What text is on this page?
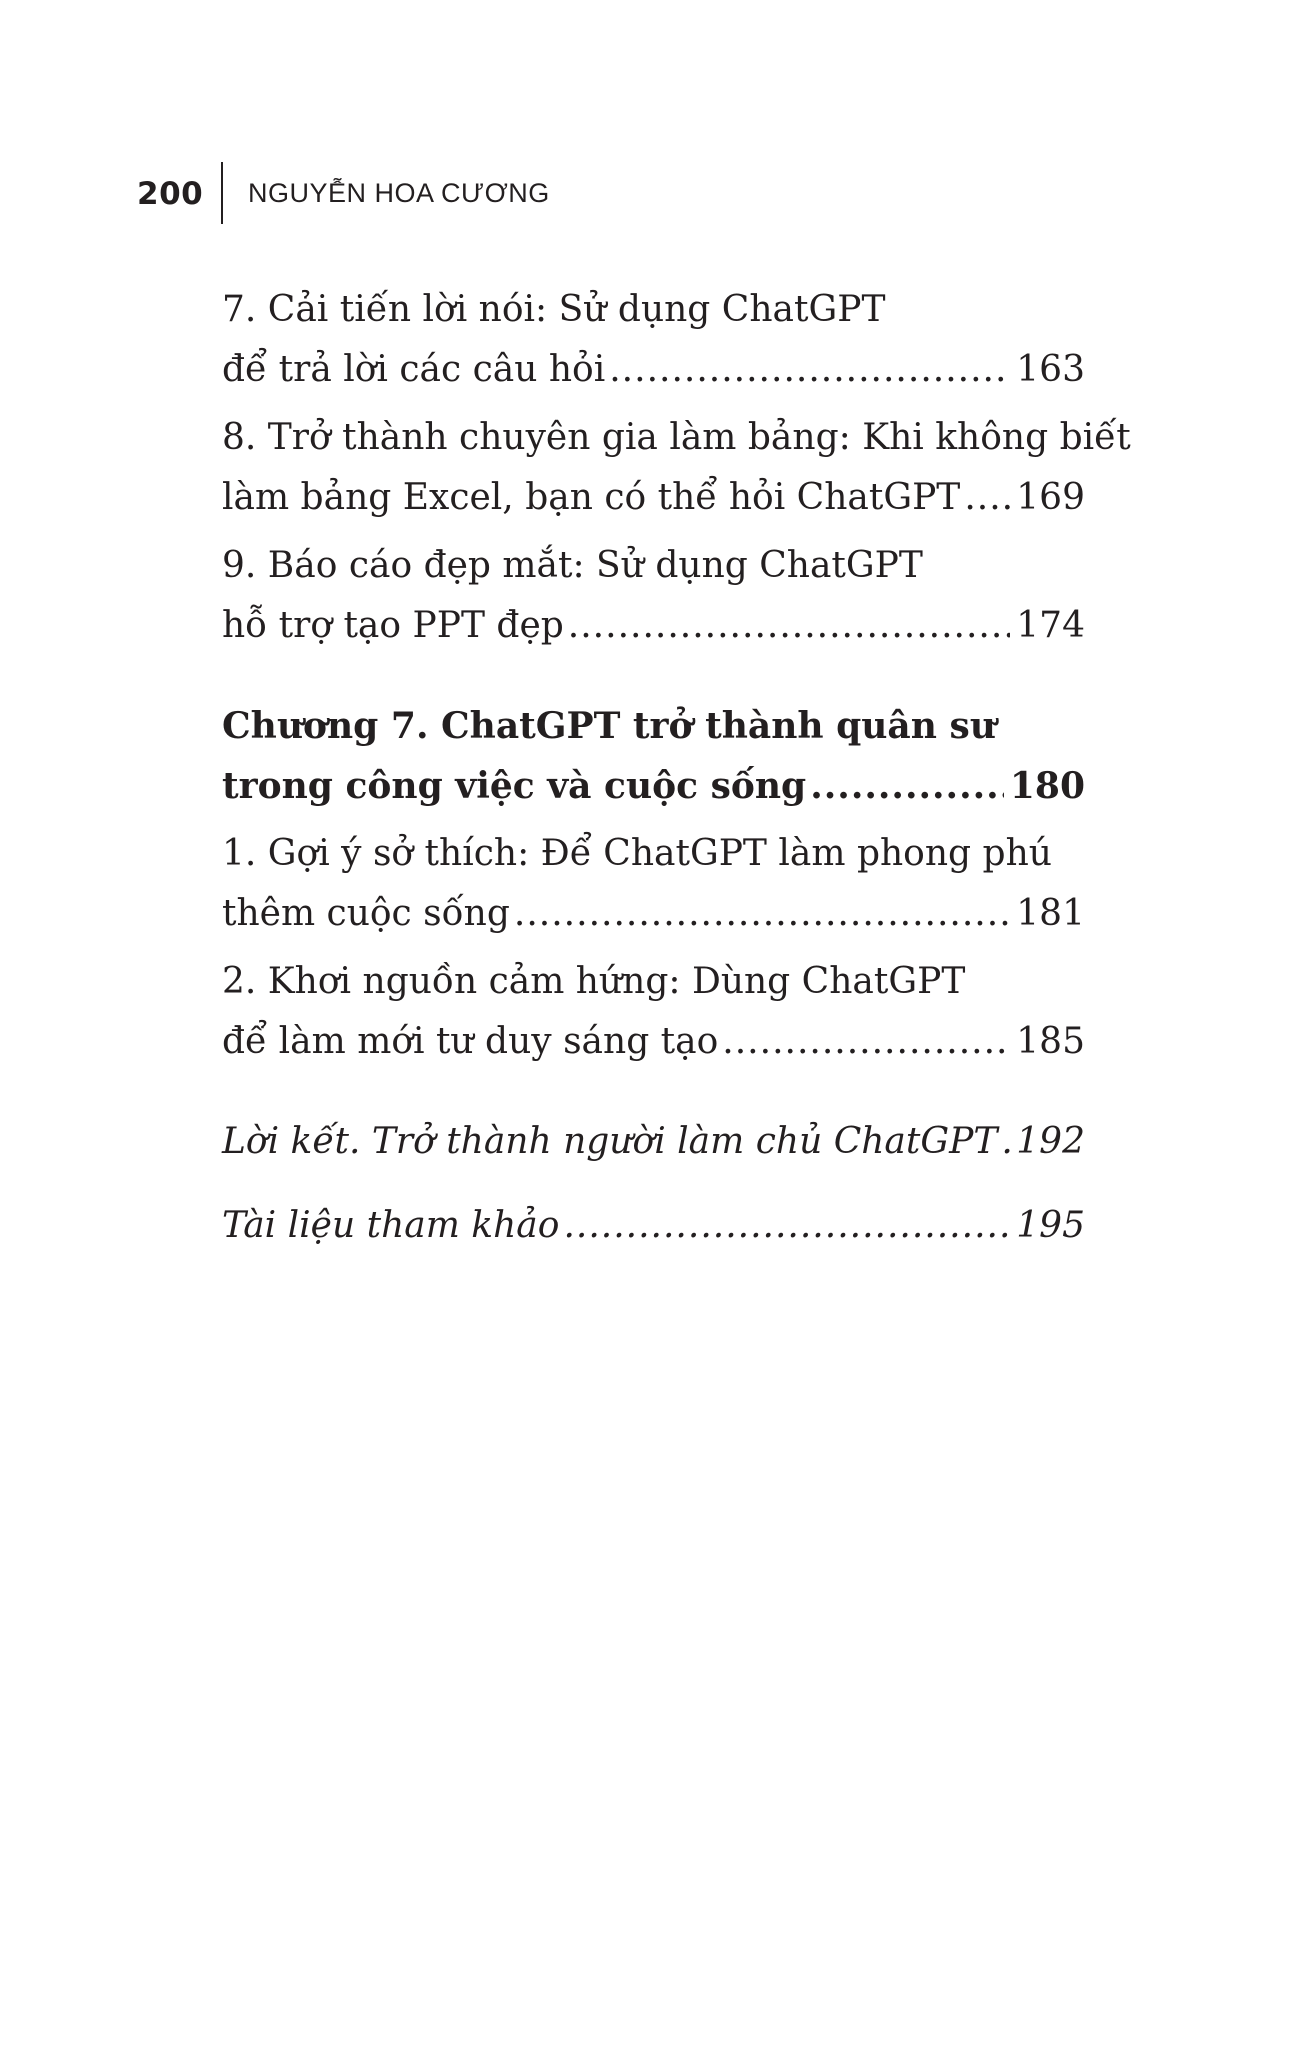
200 NGUYỄN HOA CƯƠNG
7. Cải tiến lời nói: Sử dụng ChatGPT
để trả lời các câu hỏi .....	163
8. Trở thành chuyên gia làm bảng: Khi không biết
làm bảng Excel, bạn có thể hỏi ChatGPT ..... 169
9. Báo cáo đẹp mắt: Sử dụng ChatGPT
hỗ trợ tạo PPT đẹp .....	174
Chương 7. ChatGPT trở thành quân sư
trong công việc và cuộc sống .....	180
1. Gợi ý sở thích: Để ChatGPT làm phong phú
thêm cuộc sống .....	181
2. Khơi nguồn cảm hứng: Dùng ChatGPT
để làm mới tư duy sáng tạo .....	185
Lời kết. Trở thành người làm chủ ChatGPT ..... 192
Tài liệu tham khảo .....	195
